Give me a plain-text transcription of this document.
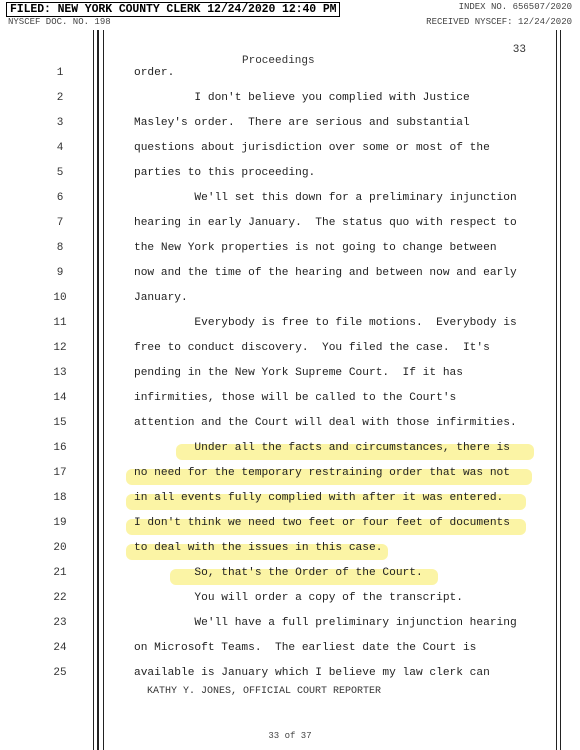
FILED: NEW YORK COUNTY CLERK 12/24/2020 12:40 PM	INDEX NO. 656507/2020
NYSCEF DOC. NO. 198	RECEIVED NYSCEF: 12/24/2020
33
Proceedings
1	order.
2	I don't believe you complied with Justice
3	Masley's order.  There are serious and substantial
4	questions about jurisdiction over some or most of the
5	parties to this proceeding.
6	We'll set this down for a preliminary injunction
7	hearing in early January.  The status quo with respect to
8	the New York properties is not going to change between
9	now and the time of the hearing and between now and early
10	January.
11	Everybody is free to file motions.  Everybody is
12	free to conduct discovery.  You filed the case.  It's
13	pending in the New York Supreme Court.  If it has
14	infirmities, those will be called to the Court's
15	attention and the Court will deal with those infirmities.
16	Under all the facts and circumstances, there is
17	no need for the temporary restraining order that was not
18	in all events fully complied with after it was entered.
19	I don't think we need two feet or four feet of documents
20	to deal with the issues in this case.
21	So, that's the Order of the Court.
22	You will order a copy of the transcript.
23	We'll have a full preliminary injunction hearing
24	on Microsoft Teams.  The earliest date the Court is
25	available is January which I believe my law clerk can
KATHY Y. JONES, OFFICIAL COURT REPORTER
33 of 37
